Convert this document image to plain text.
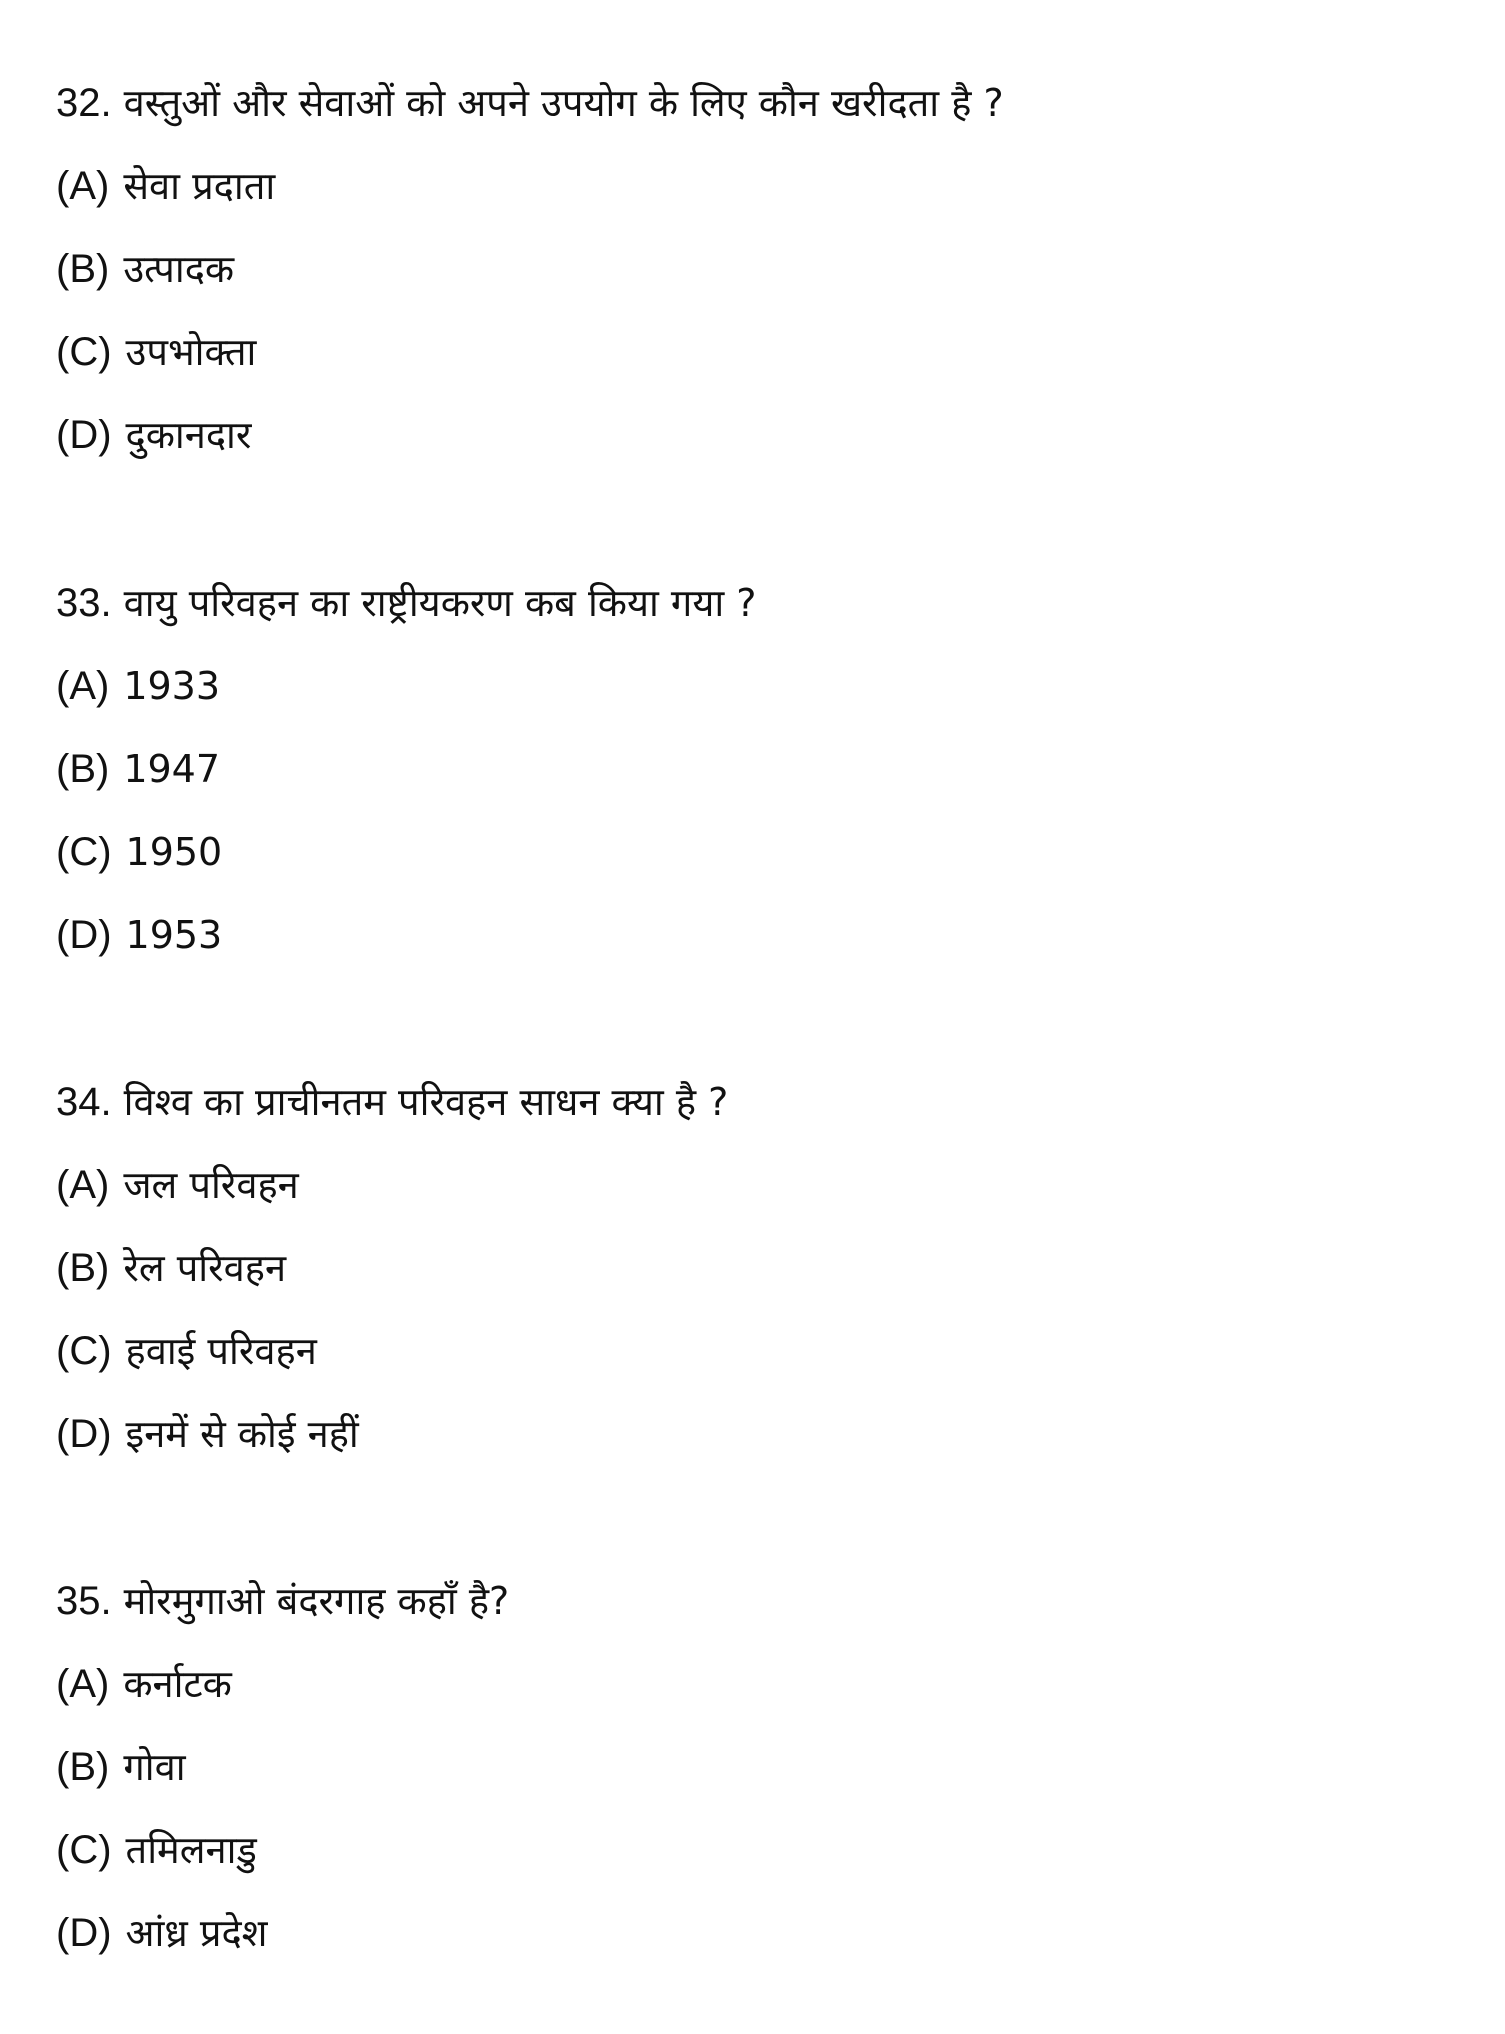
32. वस्तुओं और सेवाओं को अपने उपयोग के लिए कौन खरीदता है ?
(A) सेवा प्रदाता
(B) उत्पादक
(C) उपभोक्ता
(D) दुकानदार
33. वायु परिवहन का राष्ट्रीयकरण कब किया गया ?
(A) 1933
(B) 1947
(C) 1950
(D) 1953
34. विश्व का प्राचीनतम परिवहन साधन क्या है ?
(A) जल परिवहन
(B) रेल परिवहन
(C) हवाई परिवहन
(D) इनमें से कोई नहीं
35. मोरमुगाओ बंदरगाह कहाँ है?
(A) कर्नाटक
(B) गोवा
(C) तमिलनाडु
(D) आंध्र प्रदेश
